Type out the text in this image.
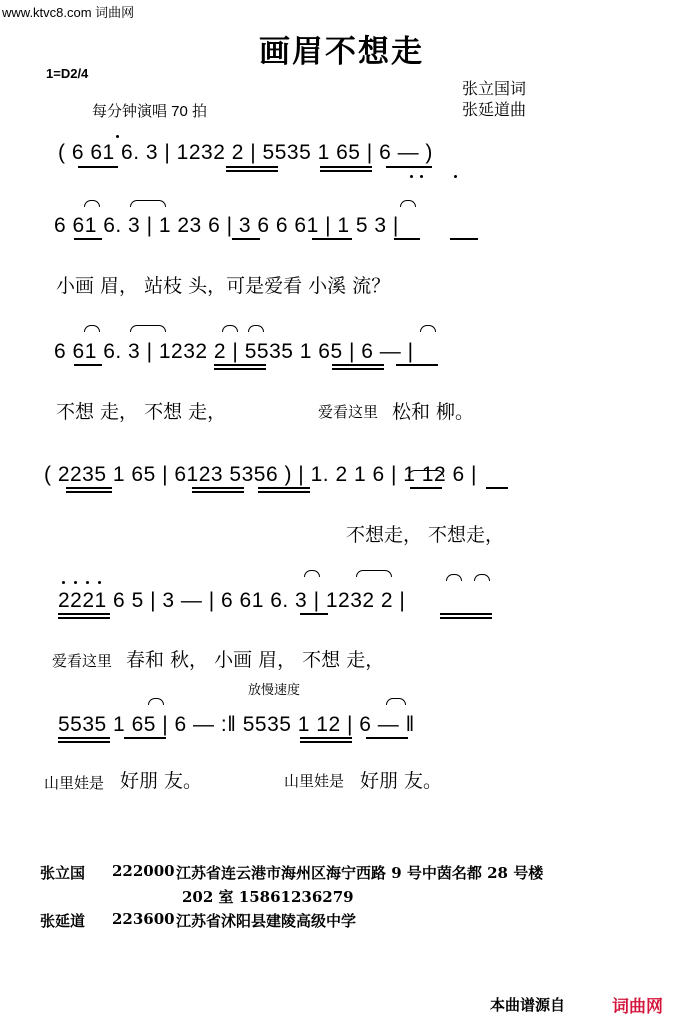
www.ktvc8.com 词曲网
画眉不想走
1=D2/4
每分钟演唱 70 拍
张立国词
张延道曲
( 6 61 6. 3 | 1232 2 | 5535 1 65 | 6 — )
6 61 6. 3 | 1 23 6 | 3 6 6 61 | 1 5 3 |
小画 眉， 站枝 头，可是爱看 小溪 流？
6 61 6. 3 | 1232 2 | 5535 1 65 | 6 — |
不想 走， 不想 走，	爱看这里 松和 柳。
( 2235 1 65 | 6123 5356 ) | 1. 2 1 6 | 1 12 6 |
不想走， 不想走，
2221 6 5 | 3 — | 6 61 6. 3 | 1232 2 |
爱看这里 春和 秋， 小画 眉， 不想 走，
放慢速度
5535 1 65 | 6 — :‖ 5535 1 12 | 6 — ‖
山里娃是 好朋 友。	山里娃是 好朋 友。
张立国 222000 江苏省连云港市海州区海宁西路 9 号中茵名都 28 号楼
202 室 15861236279
张延道 223600 江苏省沭阳县建陵高级中学
本曲谱源自	词曲网
